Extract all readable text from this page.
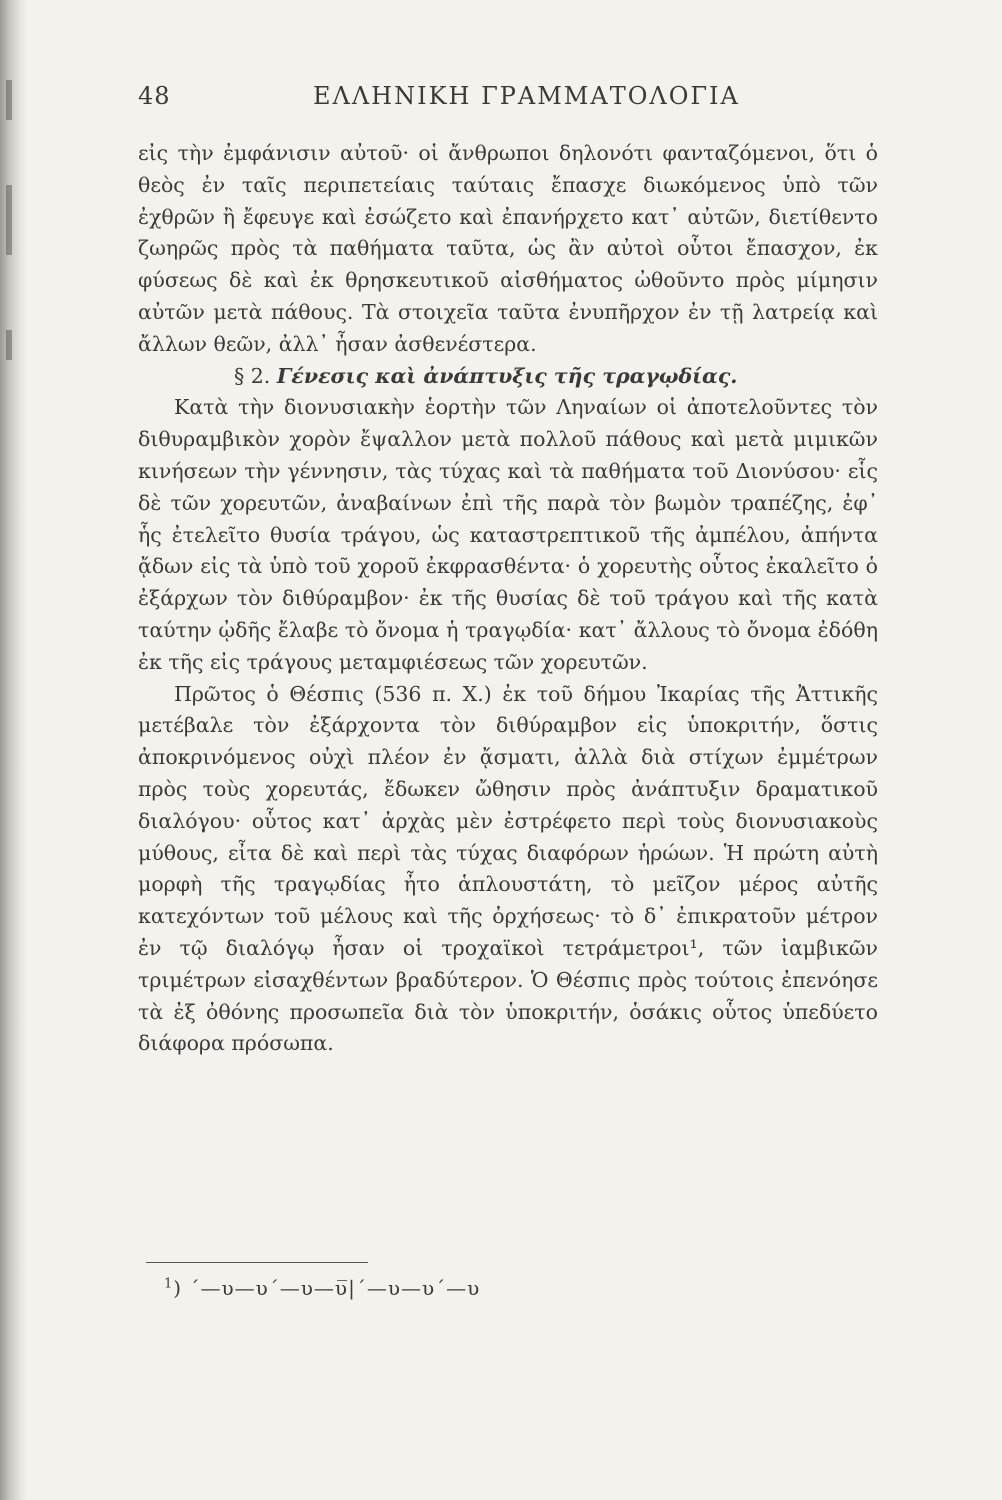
48	ΕΛΛΗΝΙΚΗ ΓΡΑΜΜΑΤΟΛΟΓΙΑ

εἰς τὴν ἐμφάνισιν αὐτοῦ· οἱ ἄνθρωποι δηλονότι φανταζόμενοι, ὅτι ὁ θεὸς ἐν ταῖς περιπετείαις ταύταις ἔπασχε διωκόμενος ὑπὸ τῶν ἐχθρῶν ἢ ἔφευγε καὶ ἐσώζετο καὶ ἐπανήρχετο κατ᾽ αὐτῶν, διετίθεντο ζωηρῶς πρὸς τὰ παθήματα ταῦτα, ὡς ἂν αὐτοὶ οὗτοι ἔπασχον, ἐκ φύσεως δὲ καὶ ἐκ θρησκευτικοῦ αἰσθήματος ὠθοῦντο πρὸς μίμησιν αὐτῶν μετὰ πάθους. Τὰ στοιχεῖα ταῦτα ἐνυπῆρχον ἐν τῇ λατρείᾳ καὶ ἄλλων θεῶν, ἀλλ᾽ ἦσαν ἀσθενέστερα.

§ 2. Γένεσις καὶ ἀνάπτυξις τῆς τραγῳδίας.

Κατὰ τὴν διονυσιακὴν ἑορτὴν τῶν Ληναίων οἱ ἀποτελοῦντες τὸν διθυραμβικὸν χορὸν ἔψαλλον μετὰ πολλοῦ πάθους καὶ μετὰ μιμικῶν κινήσεων τὴν γέννησιν, τὰς τύχας καὶ τὰ παθήματα τοῦ Διονύσου· εἷς δὲ τῶν χορευτῶν, ἀναβαίνων ἐπὶ τῆς παρὰ τὸν βωμὸν τραπέζης, ἐφ᾽ ἧς ἐτελεῖτο θυσία τράγου, ὡς καταστρεπτικοῦ τῆς ἀμπέλου, ἀπήντα ᾄδων εἰς τὰ ὑπὸ τοῦ χοροῦ ἐκφρασθέντα· ὁ χορευτὴς οὗτος ἐκαλεῖτο ὁ ἐξάρχων τὸν διθύραμβον· ἐκ τῆς θυσίας δὲ τοῦ τράγου καὶ τῆς κατὰ ταύτην ᾠδῆς ἔλαβε τὸ ὄνομα ἡ τραγῳδία· κατ᾽ ἄλλους τὸ ὄνομα ἐδόθη ἐκ τῆς εἰς τράγους μεταμφιέσεως τῶν χορευτῶν.

Πρῶτος ὁ Θέσπις (536 π. Χ.) ἐκ τοῦ δήμου Ἰκαρίας τῆς Ἀττικῆς μετέβαλε τὸν ἐξάρχοντα τὸν διθύραμβον εἰς ὑποκριτήν, ὅστις ἀποκρινόμενος οὐχὶ πλέον ἐν ᾄσματι, ἀλλὰ διὰ στίχων ἐμμέτρων πρὸς τοὺς χορευτάς, ἔδωκεν ὤθησιν πρὸς ἀνάπτυξιν δραματικοῦ διαλόγου· οὗτος κατ᾽ ἀρχὰς μὲν ἐστρέφετο περὶ τοὺς διονυσιακοὺς μύθους, εἶτα δὲ καὶ περὶ τὰς τύχας διαφόρων ἡρώων. Ἡ πρώτη αὐτὴ μορφὴ τῆς τραγῳδίας ἦτο ἁπλουστάτη, τὸ μεῖζον μέρος αὐτῆς κατεχόντων τοῦ μέλους καὶ τῆς ὀρχήσεως· τὸ δ᾽ ἐπικρατοῦν μέτρον ἐν τῷ διαλόγῳ ἦσαν οἱ τροχαϊκοὶ τετράμετροι¹, τῶν ἰαμβικῶν τριμέτρων εἰσαχθέντων βραδύτερον. Ὁ Θέσπις πρὸς τούτοις ἐπενόησε τὰ ἐξ ὀθόνης προσωπεῖα διὰ τὸν ὑποκριτήν, ὁσάκις οὗτος ὑπεδύετο διάφορα πρόσωπα.

$^1$) ´—υ—υ´—υ—υ̅|´—υ—υ´—υ
